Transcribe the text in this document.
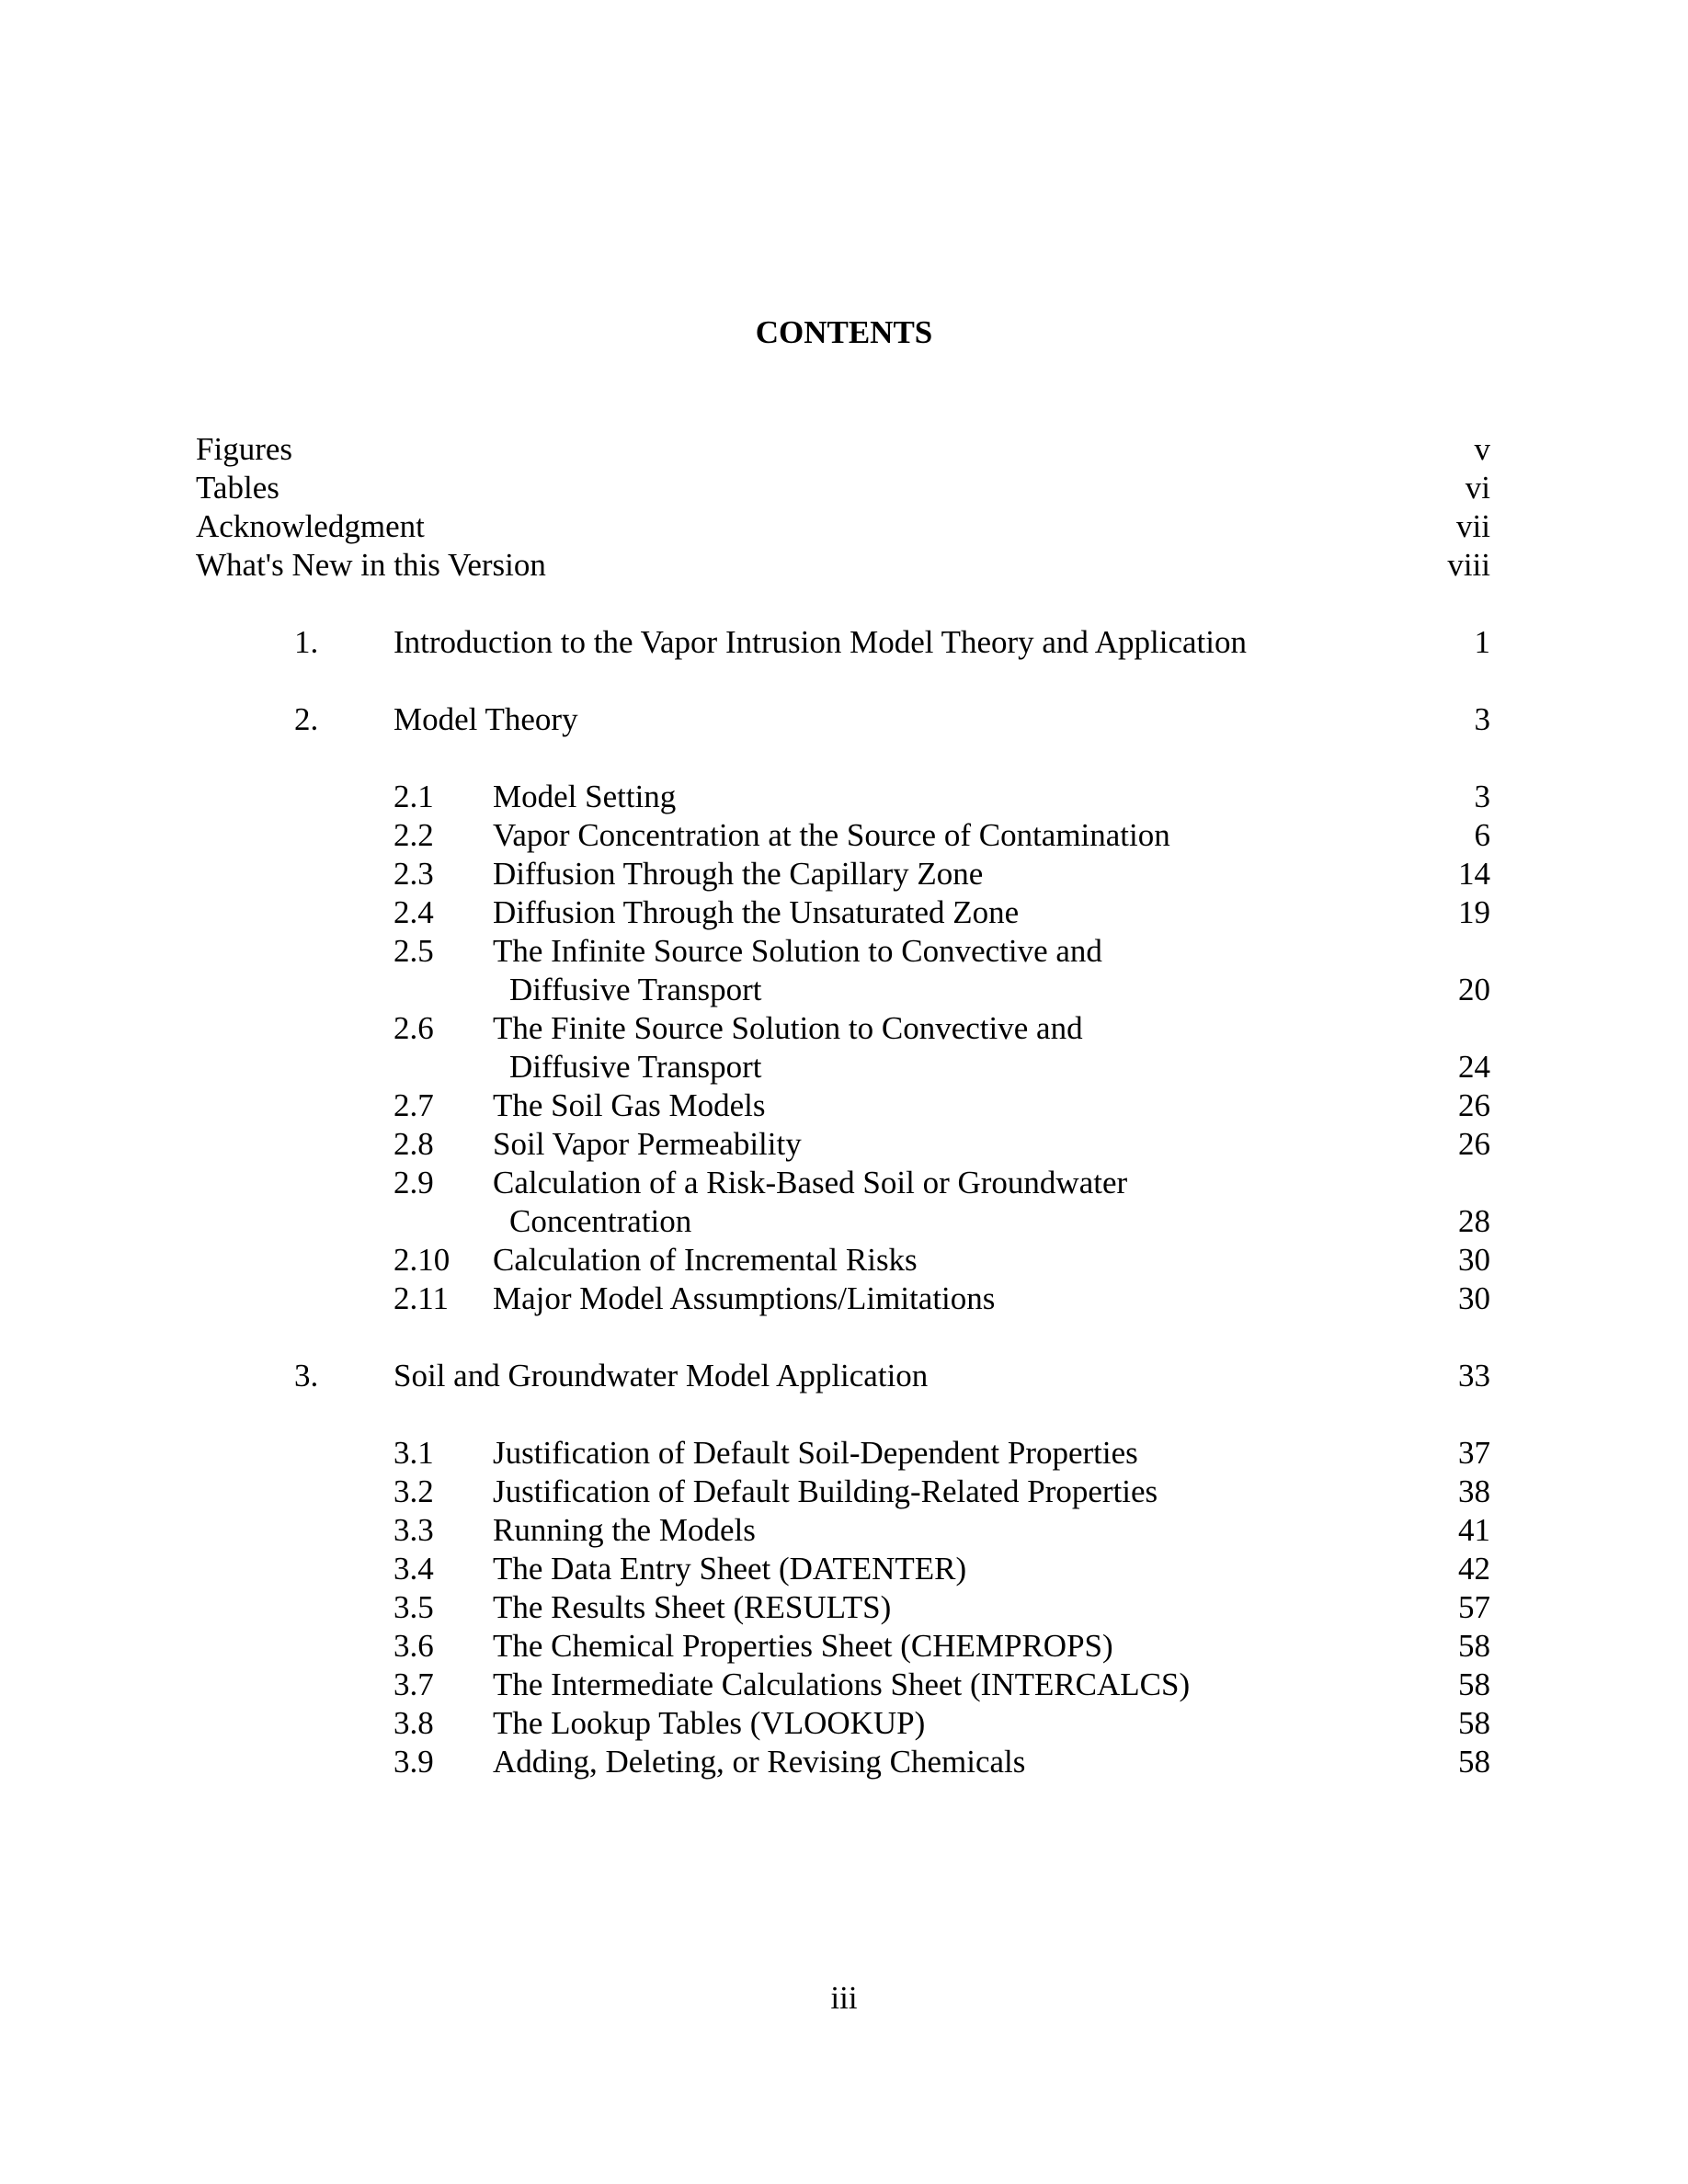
CONTENTS
Figures	v
Tables	vi
Acknowledgment	vii
What's New in this Version	viii
1. Introduction to the Vapor Intrusion Model Theory and Application	1
2. Model Theory	3
2.1 Model Setting	3
2.2 Vapor Concentration at the Source of Contamination	6
2.3 Diffusion Through the Capillary Zone	14
2.4 Diffusion Through the Unsaturated Zone	19
2.5 The Infinite Source Solution to Convective and
Diffusive Transport	20
2.6 The Finite Source Solution to Convective and
Diffusive Transport	24
2.7 The Soil Gas Models	26
2.8 Soil Vapor Permeability	26
2.9 Calculation of a Risk-Based Soil or Groundwater
Concentration	28
2.10 Calculation of Incremental Risks	30
2.11 Major Model Assumptions/Limitations	30
3. Soil and Groundwater Model Application	33
3.1 Justification of Default Soil-Dependent Properties	37
3.2 Justification of Default Building-Related Properties	38
3.3 Running the Models	41
3.4 The Data Entry Sheet (DATENTER)	42
3.5 The Results Sheet (RESULTS)	57
3.6 The Chemical Properties Sheet (CHEMPROPS)	58
3.7 The Intermediate Calculations Sheet (INTERCALCS)	58
3.8 The Lookup Tables (VLOOKUP)	58
3.9 Adding, Deleting, or Revising Chemicals	58
iii
